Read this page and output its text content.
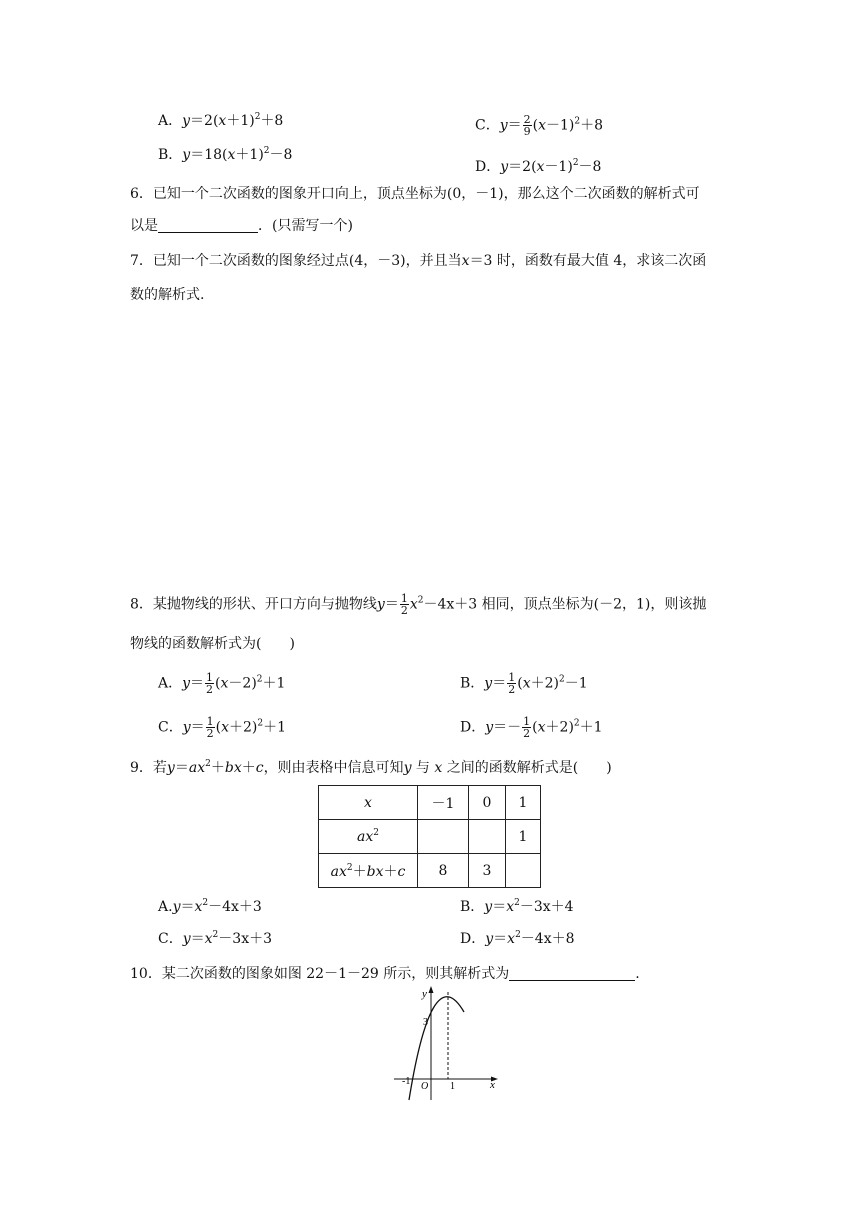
A．$y=2(x+1)^2+8$
B．$y=18(x+1)^2-8$
C．$y= \frac{2}{9} (x-1)^2+8$
D．$y=2(x-1)^2-8$
6．已知一个二次函数的图象开口向上，顶点坐标为(0，－1)，那么这个二次函数的解析式可
以是	．(只需写一个)
7．已知一个二次函数的图象经过点(4，－3)，并且当x＝3 时，函数有最大值 4，求该二次函
数的解析式.
8．某抛物线的形状、开口方向与抛物线$y= \frac{1}{2} x^2-4x+3$ 相同，顶点坐标为(－2，1)，则该抛
物线的函数解析式为(　　)
A．$y= \frac{1}{2} (x-2)^2+1$	B．$y= \frac{1}{2} (x+2)^2-1$
C．$y= \frac{1}{2} (x+2)^2+1$	D．$y=- \frac{1}{2} (x+2)^2+1$
9．若$y=ax^2+bx+c$，则由表格中信息可知y 与 x 之间的函数解析式是(　　)
x	－1	0	1
$ax^2$			1
$ax^2+bx+c$	8	3	
$A.y=x^2-4x+3$	B．$y=x^2-3x+4$
C．$y=x^2-3x+3$	D．$y=x^2-4x+8$
10．某二次函数的图象如图 22－1－29 所示，则其解析式为	.
y
x
O
3
-1	1
